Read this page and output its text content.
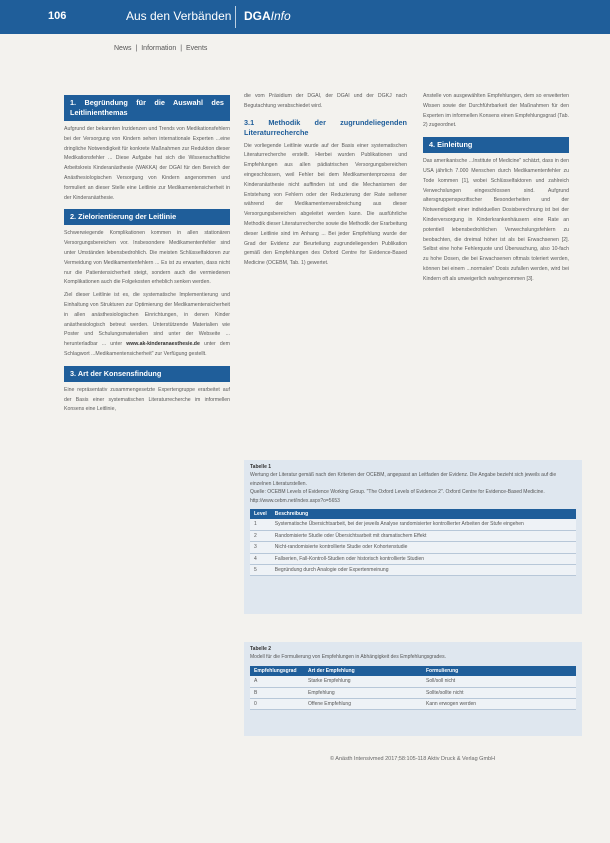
106	Aus den Verbänden DGAInfo
News | Information | Events
1. Begründung für die Auswahl des Leitlinienthemas

Aufgrund der bekannten Inzidenzen und Trends von Medikationsfehlern bei der Versorgung von Kindern sehen internationale Experten ...eine dringliche Notwendigkeit für konkrete Maßnahmen zur Reduktion dieser Medikationsfehler ... Diese Aufgabe hat sich die Wissenschaftliche Arbeitskreis Kinderanästhesie (WAKKA) der DGAI für den Bereich der Anästhesiologischen Versorgung von Kindern angenommen und formuliert an dieser Stelle eine Leitlinie zur Medikamentensicherheit in der Kinderanästhesie.

2. Zielorientierung der Leitlinie

Schwerwiegende Komplikationen kommen in allen stationären Versorgungsbereichen vor. Insbesondere Medikamentenfehler sind unter Umständen lebensbedrohlich. Die meisten Schlüsselfaktoren zur Vermeidung von Medikamentenfehlern ... Es ist zu erwarten, dass nicht nur die Patientensicherheit steigt, sondern auch die vermiedenen Komplikationen auch die Folgekosten erheblich senken werden.

Ziel dieser Leitlinie ist es, die systematische Implementierung und Einhaltung von Strukturen zur Optimierung der Medikamentensicherheit in allen anästhesiologischen Einrichtungen, in denen Kinder anästhesiologisch betreut werden. Unterstützende Materialien wie Poster und Schulungsmaterialien sind unter der Webseite ... herunterladbar ... unter www.ak-kinderanaesthesie.de unter dem Schlagwort ...Medikamentensicherheit" zur Verfügung gestellt.

3. Art der Konsensfindung

Eine repräsentativ zusammengesetzte Expertengruppe erarbeitet auf der Basis einer systematischen Literaturrecherche im informellen Konsens eine Leitlinie,

die vom Präsidium der DGAI, der DGAI und der DGKJ nach Begutachtung verabschiedet wird.

3.1 Methodik der zugrundeliegenden Literaturrecherche

Die vorliegende Leitlinie wurde auf der Basis einer systematischen Literaturrecherche erstellt. Hierbei wurden Publikationen und Empfehlungen aus allen pädiatrischen Versorgungsbereichen eingeschlossen, weil Fehler bei dem Medikamentenprozess der Kinderanästhesie nicht auffinden ist und die Mechanismen der Entstehung von Fehlern oder der Reduzierung der Rate seltener während der Medikamentenverabreichung aus dieser Versorgungsbereichen abgeleitet werden kann. Die ausführliche Methodik dieser Literaturrecherche sowie die Methodik der Erarbeitung dieser Leitlinie sind im Anhang ... Bei jeder Empfehlung wurde der Grad der Evidenz zur Beurteilung zugrundeliegenden Publikation gemäß den Empfehlungen des Oxford Centre for Evidence-Based Medicine (OCEBM, Tab. 1) gewertet.

Anstelle von ausgewählten Empfehlungen, dem so erweiterten Wissen sowie der Durchführbarkeit der Maßnahmen für den Experten im informellen Konsens einen Empfehlungsgrad (Tab. 2) zugeordnet.

4. Einleitung

Das amerikanische ...Institute of Medicine" schätzt, dass in den USA jährlich 7.000 Menschen durch Medikamentenfehler zu Tode kommen [1], wobei Schlüsselfaktoren und zahlreich Verwechslungen eingeschlossen sind. Aufgrund altersgruppenspezifischer Besonderheiten und der Notwendigkeit einer individuellen Dosisberechnung ist bei der Kinderversorgung in Kinderkrankenhäusern eine Rate an potentiell lebensbedrohlichen Verwechslungsfehlern zu beobachten, die dreimal höher ist als bei Erwachsenen [2]. Selbst eine hohe Fehlerquote und Überwachung, also 10-fach zu hohe Dosen, die bei Erwachsenen oftmals toleriert werden, können bei einem ...normalen" Dosis zufallen werden, wird bei Kindern oft als unweigerlich wahrgenommen [3].

Tabelle 1
Wertung der Literatur gemäß nach den Kriterien der OCEBM, angepasst an Leitfaden der Evidenz. Die Angabe bezieht sich jeweils auf die einzelnen Literaturstellen.
Quelle: OCEBM Levels of Evidence Working Group. "The Oxford Levels of Evidence 2". Oxford Centre for Evidence-Based Medicine. http://www.cebm.net/index.aspx?o=5653
Level	Beschreibung
1	Systematische Übersichtsarbeit, bei der jeweils Analyse randomisierter kontrollierter Arbeiten der Stufe eingehen
2	Randomisierte Studie oder Übersichtsarbeit mit dramatischem Effekt
3	Nicht-randomisierte kontrollierte Studie oder Kohortenstudie
4	Fallserien, Fall-Kontroll-Studien oder historisch kontrollierte Studien
5	Begründung durch Analogie oder Expertenmeinung
Tabelle 2
Modell für die Formulierung von Empfehlungen in Abhängigkeit des Empfehlungsgrades.
Empfehlungsgrad	Art der Empfehlung	Formulierung
A	Starke Empfehlung	Soll/soll nicht
B	Empfehlung	Sollte/sollte nicht
0	Offene Empfehlung	Kann erwogen werden
© Anästh Intensivmed 2017;58:105-118 Aktiv Druck & Verlag GmbH
